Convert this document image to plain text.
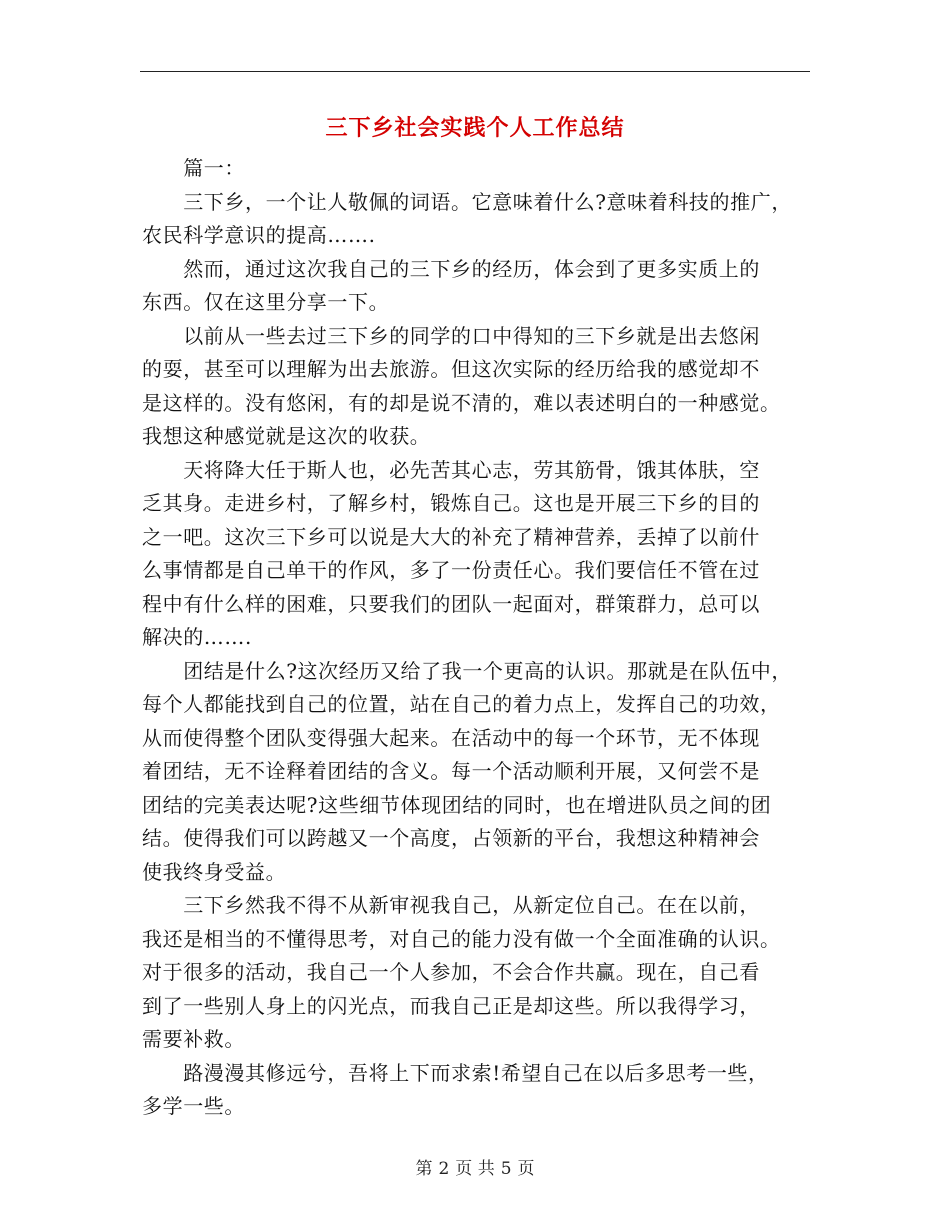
三下乡社会实践个人工作总结
　　篇一：
　　三下乡，一个让人敬佩的词语。它意味着什么?意味着科技的推广，
农民科学意识的提高…….
　　然而，通过这次我自己的三下乡的经历，体会到了更多实质上的
东西。仅在这里分享一下。
　　以前从一些去过三下乡的同学的口中得知的三下乡就是出去悠闲
的耍，甚至可以理解为出去旅游。但这次实际的经历给我的感觉却不
是这样的。没有悠闲，有的却是说不清的，难以表述明白的一种感觉。
我想这种感觉就是这次的收获。
　　天将降大任于斯人也，必先苦其心志，劳其筋骨，饿其体肤，空
乏其身。走进乡村，了解乡村，锻炼自己。这也是开展三下乡的目的
之一吧。这次三下乡可以说是大大的补充了精神营养，丢掉了以前什
么事情都是自己单干的作风，多了一份责任心。我们要信任不管在过
程中有什么样的困难，只要我们的团队一起面对，群策群力，总可以
解决的…….
　　团结是什么?这次经历又给了我一个更高的认识。那就是在队伍中，
每个人都能找到自己的位置，站在自己的着力点上，发挥自己的功效，
从而使得整个团队变得强大起来。在活动中的每一个环节，无不体现
着团结，无不诠释着团结的含义。每一个活动顺利开展，又何尝不是
团结的完美表达呢?这些细节体现团结的同时，也在增进队员之间的团
结。使得我们可以跨越又一个高度，占领新的平台，我想这种精神会
使我终身受益。
　　三下乡然我不得不从新审视我自己，从新定位自己。在在以前，
我还是相当的不懂得思考，对自己的能力没有做一个全面准确的认识。
对于很多的活动，我自己一个人参加，不会合作共赢。现在，自己看
到了一些别人身上的闪光点，而我自己正是却这些。所以我得学习，
需要补救。
　　路漫漫其修远兮，吾将上下而求索!希望自己在以后多思考一些，
多学一些。
第 2 页 共 5 页
